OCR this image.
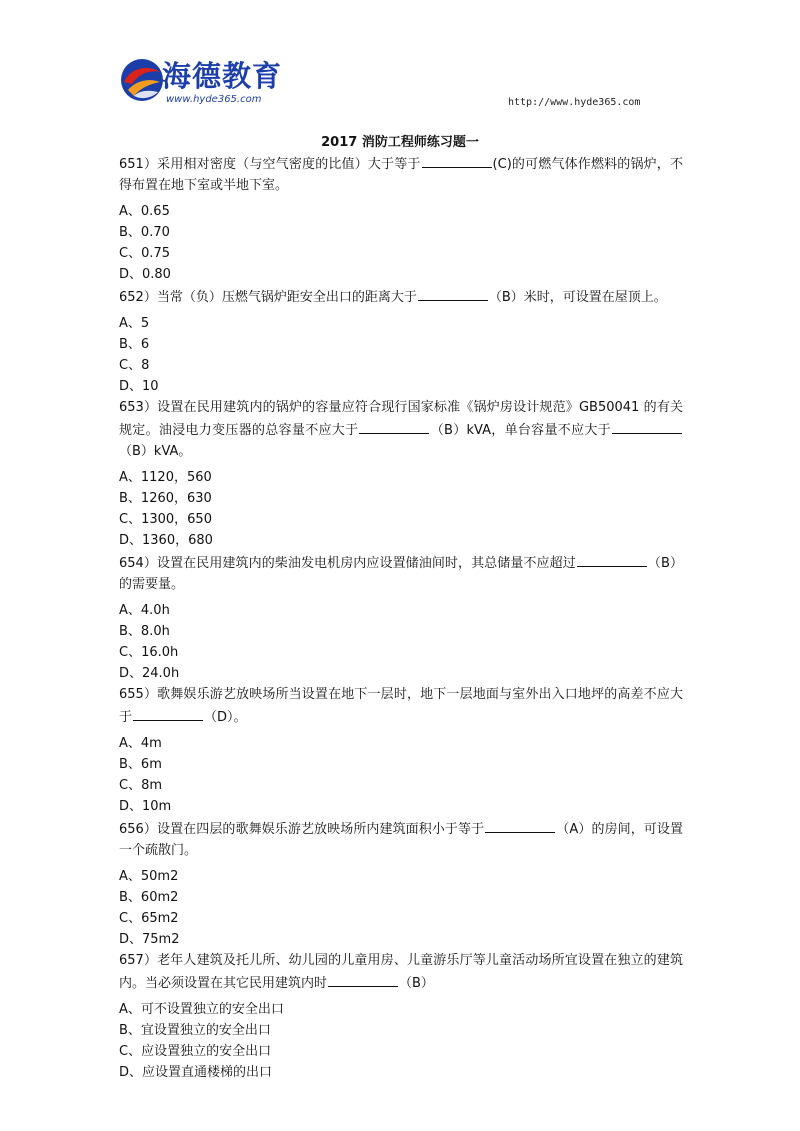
海德教育
www.hyde365.com	http://www.hyde365.com
2017 消防工程师练习题一

651）采用相对密度（与空气密度的比值）大于等于	(C)的可燃气体作燃料的锅炉，不得布置在地下室或半地下室。

A、0.65
B、0.70
C、0.75
D、0.80

652）当常（负）压燃气锅炉距安全出口的距离大于	（B）米时，可设置在屋顶上。

A、5
B、6
C、8
D、10

653）设置在民用建筑内的锅炉的容量应符合现行国家标准《锅炉房设计规范》GB50041 的有关规定。油浸电力变压器的总容量不应大于	（B）kVA，单台容量不应大于（B）kVA。

A、1120，560
B、1260，630
C、1300，650
D、1360，680

654）设置在民用建筑内的柴油发电机房内应设置储油间时，其总储量不应超过	（B）的需要量。

A、4.0h
B、8.0h
C、16.0h
D、24.0h

655）歌舞娱乐游艺放映场所当设置在地下一层时，地下一层地面与室外出入口地坪的高差不应大于	（D）。

A、4m
B、6m
C、8m
D、10m

656）设置在四层的歌舞娱乐游艺放映场所内建筑面积小于等于	（A）的房间，可设置一个疏散门。

A、50m2
B、60m2
C、65m2
D、75m2

657）老年人建筑及托儿所、幼儿园的儿童用房、儿童游乐厅等儿童活动场所宜设置在独立的建筑内。当必须设置在其它民用建筑内时	（B）

A、可不设置独立的安全出口
B、宜设置独立的安全出口
C、应设置独立的安全出口
D、应设置直通楼梯的出口
